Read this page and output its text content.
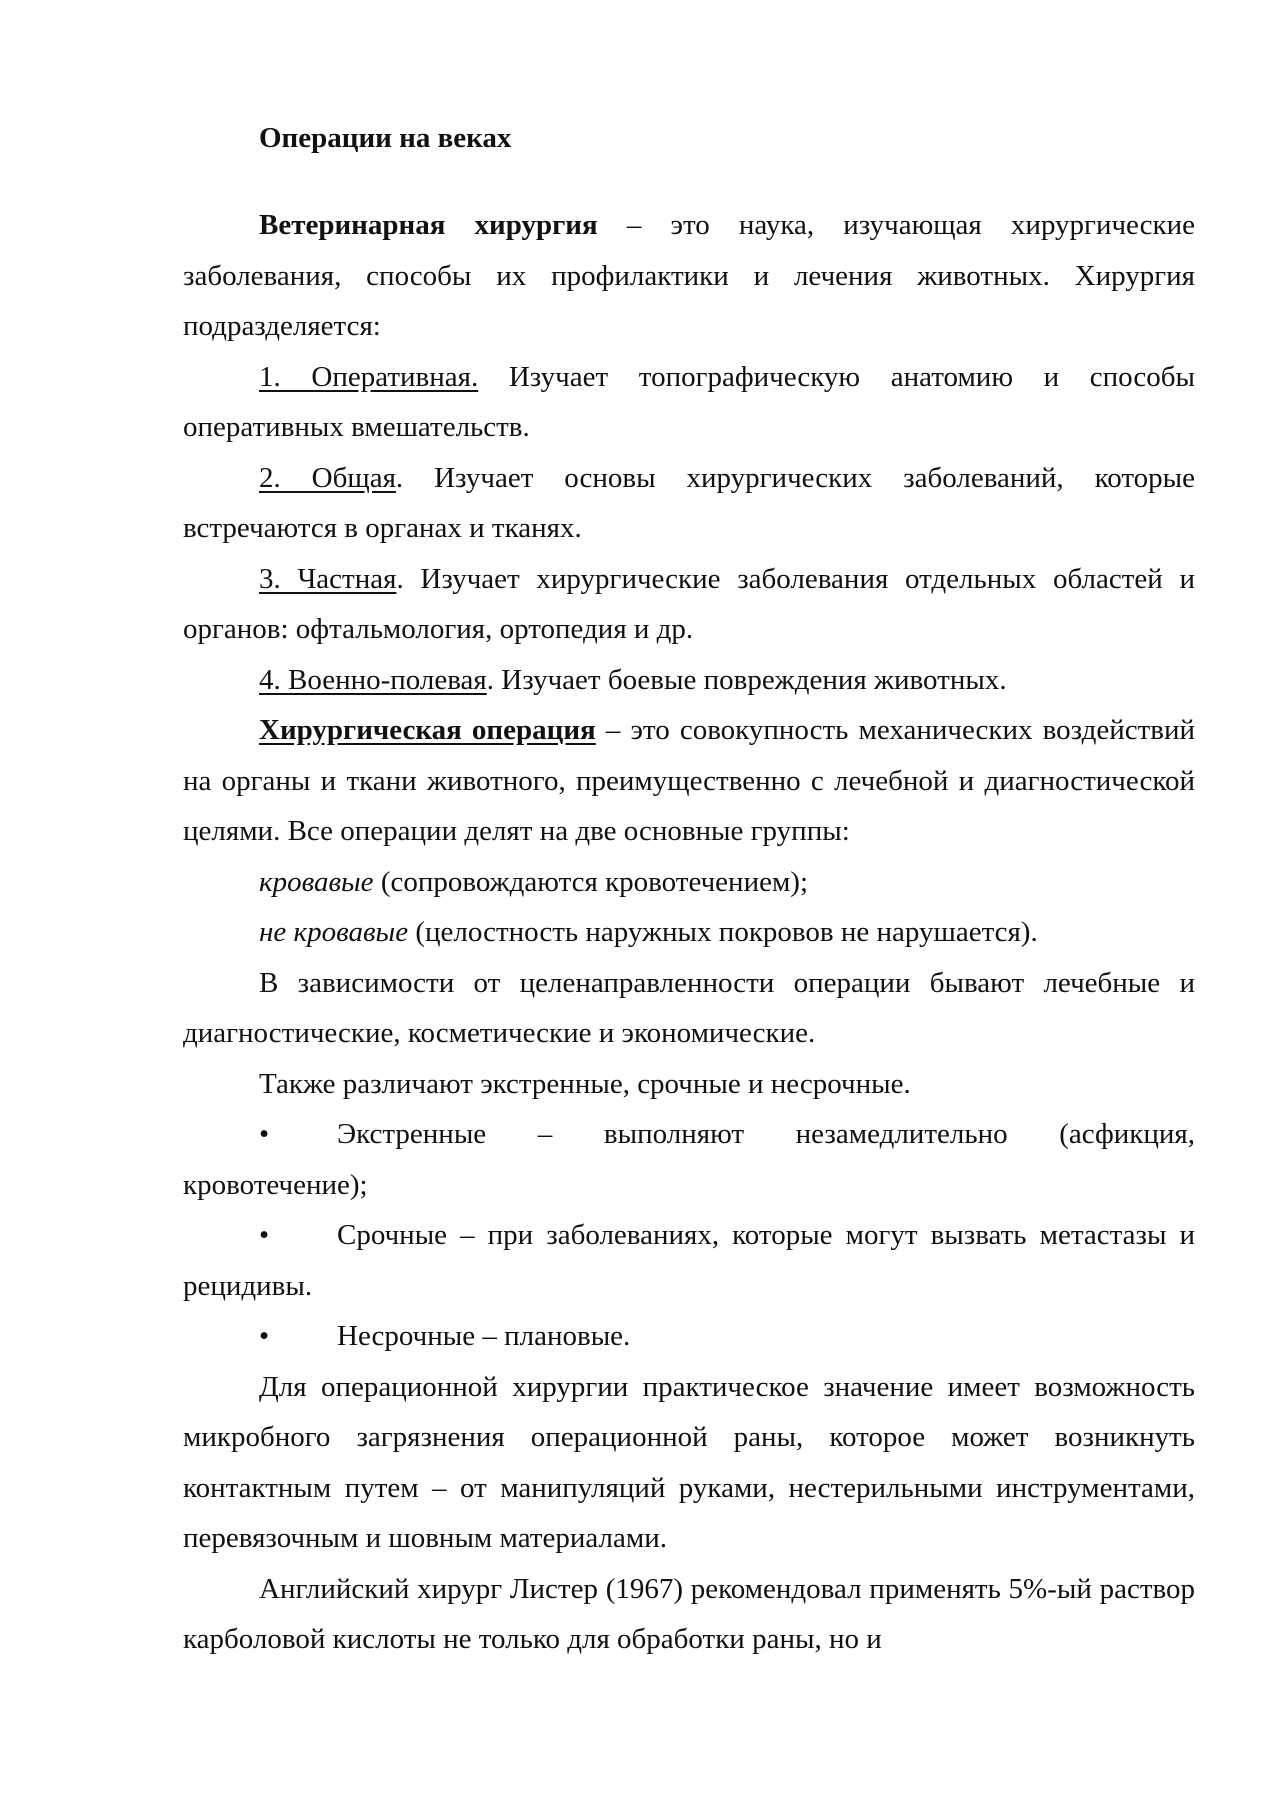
Операции на веках

Ветеринарная хирургия – это наука, изучающая хирургические заболевания, способы их профилактики и лечения животных. Хирургия подразделяется:

1. Оперативная. Изучает топографическую анатомию и способы оперативных вмешательств.

2. Общая. Изучает основы хирургических заболеваний, которые встречаются в органах и тканях.

3. Частная. Изучает хирургические заболевания отдельных областей и органов: офтальмология, ортопедия и др.

4. Военно-полевая. Изучает боевые повреждения животных.

Хирургическая операция – это совокупность механических воздействий на органы и ткани животного, преимущественно с лечебной и диагностической целями. Все операции делят на две основные группы:

кровавые (сопровождаются кровотечением);

не кровавые (целостность наружных покровов не нарушается).

В зависимости от целенаправленности операции бывают лечебные и диагностические, косметические и экономические.

Также различают экстренные, срочные и несрочные.

• Экстренные – выполняют незамедлительно (асфикция, кровотечение);

• Срочные – при заболеваниях, которые могут вызвать метастазы и рецидивы.

• Несрочные – плановые.

Для операционной хирургии практическое значение имеет возможность микробного загрязнения операционной раны, которое может возникнуть контактным путем – от манипуляций руками, нестерильными инструментами, перевязочным и шовным материалами.

Английский хирург Листер (1967) рекомендовал применять 5%-ый раствор карболовой кислоты не только для обработки раны, но и
